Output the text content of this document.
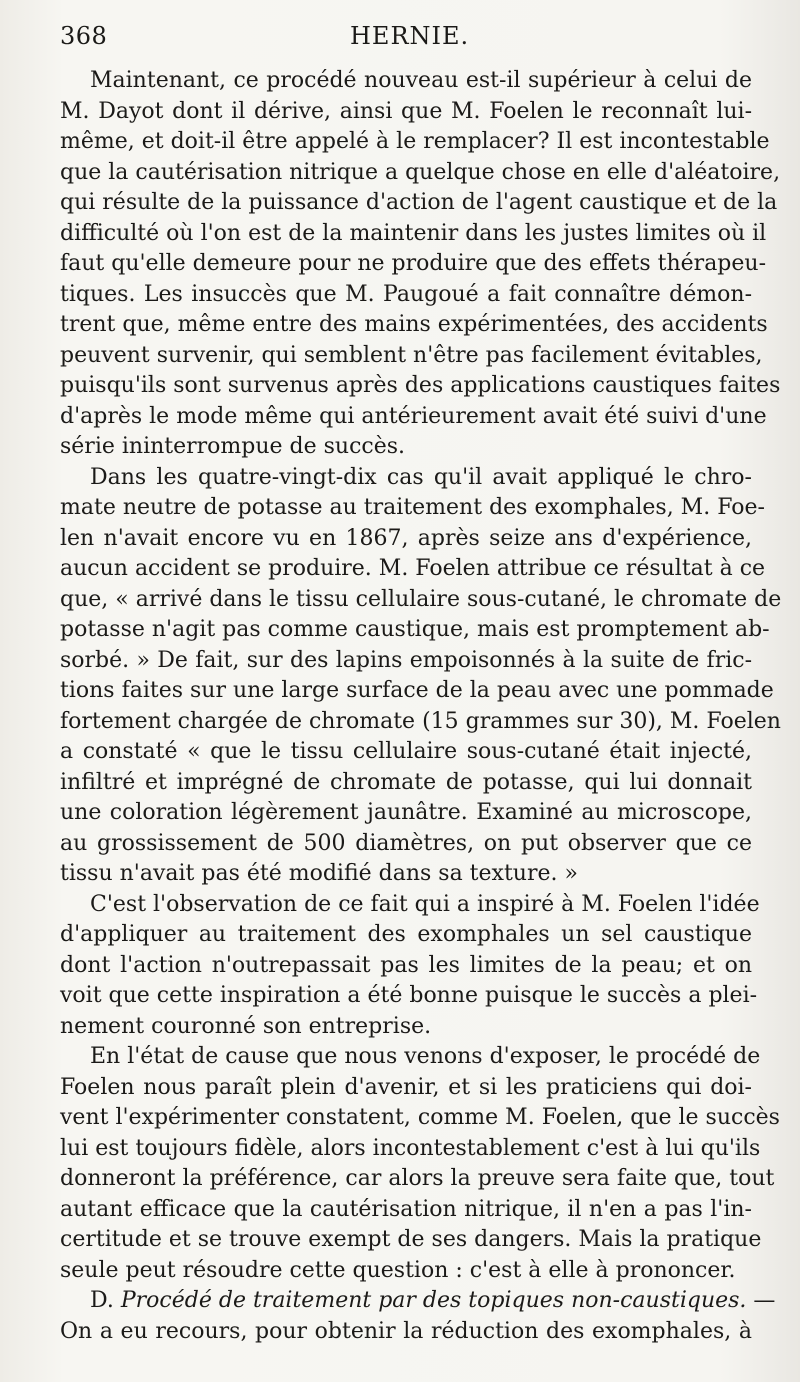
368	HERNIE.
Maintenant, ce procédé nouveau est-il supérieur à celui de
M. Dayot dont il dérive, ainsi que M. Foelen le reconnaît lui-
même, et doit-il être appelé à le remplacer? Il est incontestable
que la cautérisation nitrique a quelque chose en elle d'aléatoire,
qui résulte de la puissance d'action de l'agent caustique et de la
difficulté où l'on est de la maintenir dans les justes limites où il
faut qu'elle demeure pour ne produire que des effets thérapeu-
tiques. Les insuccès que M. Paugoué a fait connaître démon-
trent que, même entre des mains expérimentées, des accidents
peuvent survenir, qui semblent n'être pas facilement évitables,
puisqu'ils sont survenus après des applications caustiques faites
d'après le mode même qui antérieurement avait été suivi d'une
série ininterrompue de succès.
Dans les quatre-vingt-dix cas qu'il avait appliqué le chro-
mate neutre de potasse au traitement des exomphales, M. Foe-
len n'avait encore vu en 1867, après seize ans d'expérience,
aucun accident se produire. M. Foelen attribue ce résultat à ce
que, « arrivé dans le tissu cellulaire sous-cutané, le chromate de
potasse n'agit pas comme caustique, mais est promptement ab-
sorbé. » De fait, sur des lapins empoisonnés à la suite de fric-
tions faites sur une large surface de la peau avec une pommade
fortement chargée de chromate (15 grammes sur 30), M. Foelen
a constaté « que le tissu cellulaire sous-cutané était injecté,
infiltré et imprégné de chromate de potasse, qui lui donnait
une coloration légèrement jaunâtre. Examiné au microscope,
au grossissement de 500 diamètres, on put observer que ce
tissu n'avait pas été modifié dans sa texture. »
C'est l'observation de ce fait qui a inspiré à M. Foelen l'idée
d'appliquer au traitement des exomphales un sel caustique
dont l'action n'outrepassait pas les limites de la peau; et on
voit que cette inspiration a été bonne puisque le succès a plei-
nement couronné son entreprise.
En l'état de cause que nous venons d'exposer, le procédé de
Foelen nous paraît plein d'avenir, et si les praticiens qui doi-
vent l'expérimenter constatent, comme M. Foelen, que le succès
lui est toujours fidèle, alors incontestablement c'est à lui qu'ils
donneront la préférence, car alors la preuve sera faite que, tout
autant efficace que la cautérisation nitrique, il n'en a pas l'in-
certitude et se trouve exempt de ses dangers. Mais la pratique
seule peut résoudre cette question : c'est à elle à prononcer.
D. Procédé de traitement par des topiques non-caustiques. —
On a eu recours, pour obtenir la réduction des exomphales, à
